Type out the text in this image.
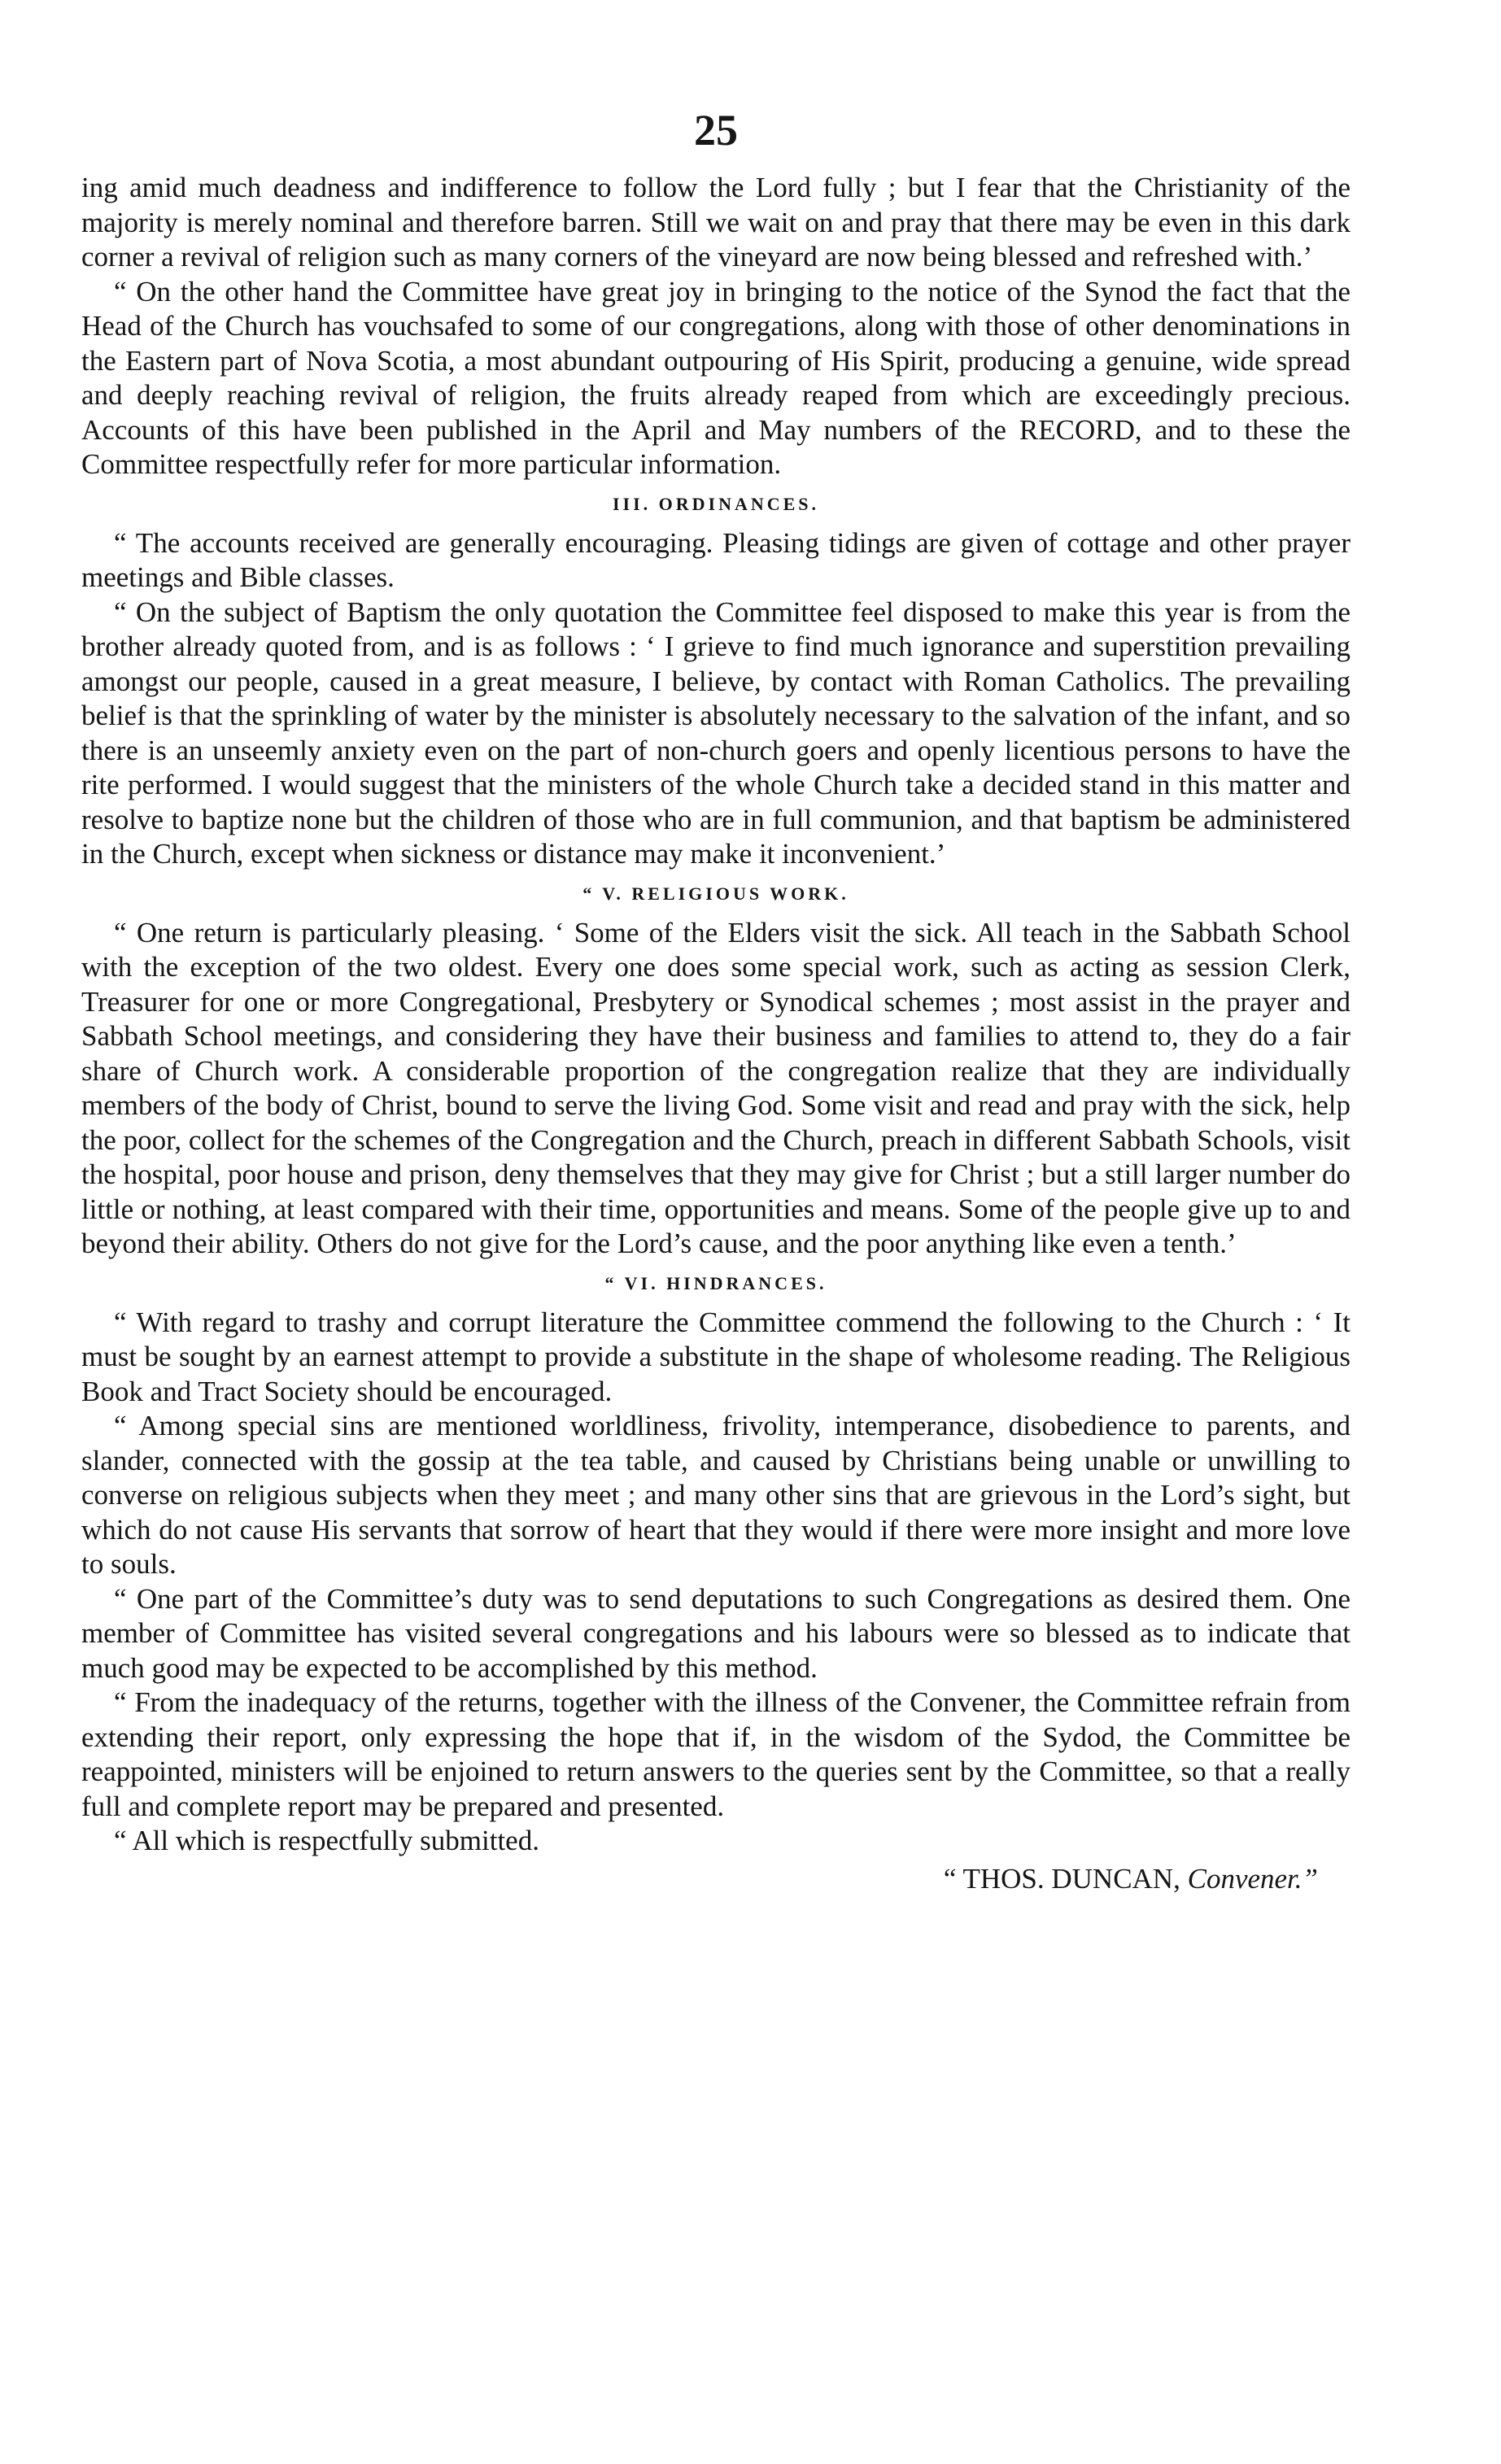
25

ing amid much deadness and indifference to follow the Lord fully ; but I fear that the Christianity of the majority is merely nominal and therefore barren. Still we wait on and pray that there may be even in this dark corner a revival of religion such as many corners of the vineyard are now being blessed and refreshed with.’

“ On the other hand the Committee have great joy in bringing to the notice of the Synod the fact that the Head of the Church has vouchsafed to some of our congregations, along with those of other denominations in the Eastern part of Nova Scotia, a most abundant outpouring of His Spirit, producing a genuine, wide spread and deeply reaching revival of religion, the fruits already reaped from which are exceedingly precious. Accounts of this have been published in the April and May numbers of the RECORD, and to these the Committee respectfully refer for more particular information.

III. ORDINANCES.

“ The accounts received are generally encouraging. Pleasing tidings are given of cottage and other prayer meetings and Bible classes.

“ On the subject of Baptism the only quotation the Committee feel disposed to make this year is from the brother already quoted from, and is as follows : ‘ I grieve to find much ignorance and superstition prevailing amongst our people, caused in a great measure, I believe, by contact with Roman Catholics. The prevailing belief is that the sprinkling of water by the minister is absolutely necessary to the salvation of the infant, and so there is an unseemly anxiety even on the part of non-church goers and openly licentious persons to have the rite performed. I would suggest that the ministers of the whole Church take a decided stand in this matter and resolve to baptize none but the children of those who are in full communion, and that baptism be administered in the Church, except when sickness or distance may make it inconvenient.’

“ V. RELIGIOUS WORK.

“ One return is particularly pleasing. ‘ Some of the Elders visit the sick. All teach in the Sabbath School with the exception of the two oldest. Every one does some special work, such as acting as session Clerk, Treasurer for one or more Congregational, Presbytery or Synodical schemes ; most assist in the prayer and Sabbath School meetings, and considering they have their business and families to attend to, they do a fair share of Church work. A considerable proportion of the congregation realize that they are individually members of the body of Christ, bound to serve the living God. Some visit and read and pray with the sick, help the poor, collect for the schemes of the Congregation and the Church, preach in different Sabbath Schools, visit the hospital, poor house and prison, deny themselves that they may give for Christ ; but a still larger number do little or nothing, at least compared with their time, opportunities and means. Some of the people give up to and beyond their ability. Others do not give for the Lord’s cause, and the poor anything like even a tenth.’

“ VI. HINDRANCES.

“ With regard to trashy and corrupt literature the Committee commend the following to the Church : ‘ It must be sought by an earnest attempt to provide a substitute in the shape of wholesome reading. The Religious Book and Tract Society should be encouraged.

“ Among special sins are mentioned worldliness, frivolity, intemperance, disobedience to parents, and slander, connected with the gossip at the tea table, and caused by Christians being unable or unwilling to converse on religious subjects when they meet ; and many other sins that are grievous in the Lord’s sight, but which do not cause His servants that sorrow of heart that they would if there were more insight and more love to souls.

“ One part of the Committee’s duty was to send deputations to such Congregations as desired them. One member of Committee has visited several congregations and his labours were so blessed as to indicate that much good may be expected to be accomplished by this method.

“ From the inadequacy of the returns, together with the illness of the Convener, the Committee refrain from extending their report, only expressing the hope that if, in the wisdom of the Sydod, the Committee be reappointed, ministers will be enjoined to return answers to the queries sent by the Committee, so that a really full and complete report may be prepared and presented.

“ All which is respectfully submitted.

“ THOS. DUNCAN, Convener.”
